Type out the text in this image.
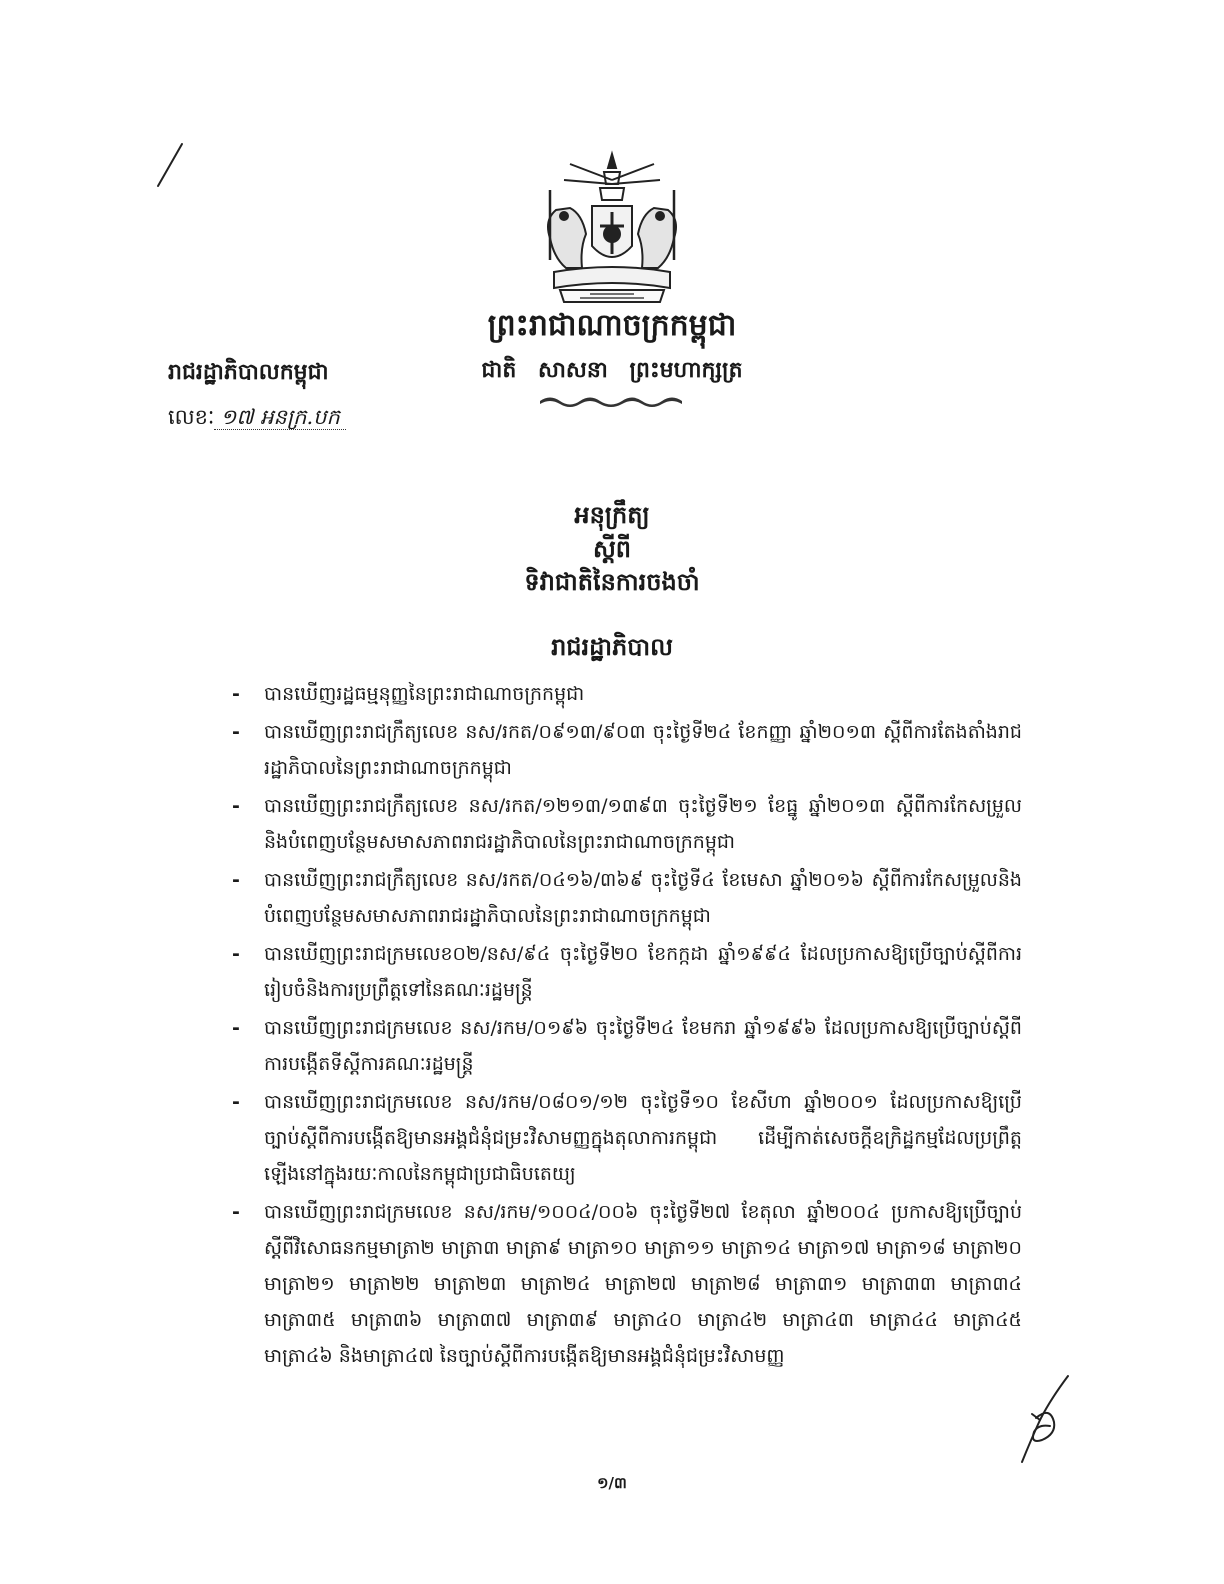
ព្រះរាជាណាចក្រកម្ពុជា
ជាតិ សាសនា ព្រះមហាក្សត្រ
រាជរដ្ឋាភិបាលកម្ពុជា
លេខៈ ១៧ អនក្រ.បក
អនុក្រឹត្យ
ស្តីពី
ទិវាជាតិនៃការចងចាំ
រាជរដ្ឋាភិបាល
-	បានឃើញរដ្ឋធម្មនុញ្ញនៃព្រះរាជាណាចក្រកម្ពុជា
-	បានឃើញព្រះរាជក្រឹត្យលេខ នស/រកត/០៩១៣/៩០៣ ចុះថ្ងៃទី២៤ ខែកញ្ញា ឆ្នាំ២០១៣ ស្តីពីការតែងតាំងរាជរដ្ឋាភិបាលនៃព្រះរាជាណាចក្រកម្ពុជា
-	បានឃើញព្រះរាជក្រឹត្យលេខ នស/រកត/១២១៣/១៣៩៣ ចុះថ្ងៃទី២១ ខែធ្នូ ឆ្នាំ២០១៣ ស្តីពីការកែសម្រួលនិងបំពេញបន្ថែមសមាសភាពរាជរដ្ឋាភិបាលនៃព្រះរាជាណាចក្រកម្ពុជា
-	បានឃើញព្រះរាជក្រឹត្យលេខ នស/រកត/០៤១៦/៣៦៩ ចុះថ្ងៃទី៤ ខែមេសា ឆ្នាំ២០១៦ ស្តីពីការកែសម្រួលនិងបំពេញបន្ថែមសមាសភាពរាជរដ្ឋាភិបាលនៃព្រះរាជាណាចក្រកម្ពុជា
-	បានឃើញព្រះរាជក្រមលេខ០២/នស/៩៤ ចុះថ្ងៃទី២០ ខែកក្កដា ឆ្នាំ១៩៩៤ ដែលប្រកាសឱ្យប្រើច្បាប់ស្តីពីការរៀបចំនិងការប្រព្រឹត្តទៅនៃគណៈរដ្ឋមន្ត្រី
-	បានឃើញព្រះរាជក្រមលេខ នស/រកម/០១៩៦ ចុះថ្ងៃទី២៤ ខែមករា ឆ្នាំ១៩៩៦ ដែលប្រកាសឱ្យប្រើច្បាប់ស្តីពីការបង្កើតទីស្តីការគណៈរដ្ឋមន្ត្រី
-	បានឃើញព្រះរាជក្រមលេខ នស/រកម/០៨០១/១២ ចុះថ្ងៃទី១០ ខែសីហា ឆ្នាំ២០០១ ដែលប្រកាសឱ្យប្រើច្បាប់ស្តីពីការបង្កើតឱ្យមានអង្គជំនុំជម្រះវិសាមញ្ញក្នុងតុលាការកម្ពុជា ដើម្បីកាត់សេចក្តីឧក្រិដ្ឋកម្មដែលប្រព្រឹត្តឡើងនៅក្នុងរយៈកាលនៃកម្ពុជាប្រជាធិបតេយ្យ
-	បានឃើញព្រះរាជក្រមលេខ នស/រកម/១០០៤/០០៦ ចុះថ្ងៃទី២៧ ខែតុលា ឆ្នាំ២០០៤ ប្រកាសឱ្យប្រើច្បាប់ស្តីពីវិសោធនកម្មមាត្រា២ មាត្រា៣ មាត្រា៩ មាត្រា១០ មាត្រា១១ មាត្រា១៤ មាត្រា១៧ មាត្រា១៨ មាត្រា២០ មាត្រា២១ មាត្រា២២ មាត្រា២៣ មាត្រា២៤ មាត្រា២៧ មាត្រា២៨ មាត្រា៣១ មាត្រា៣៣ មាត្រា៣៤ មាត្រា៣៥ មាត្រា៣៦ មាត្រា៣៧ មាត្រា៣៩ មាត្រា៤០ មាត្រា៤២ មាត្រា៤៣ មាត្រា៤៤ មាត្រា៤៥ មាត្រា៤៦ និងមាត្រា៤៧ នៃច្បាប់ស្តីពីការបង្កើតឱ្យមានអង្គជំនុំជម្រះវិសាមញ្ញ
១/៣
